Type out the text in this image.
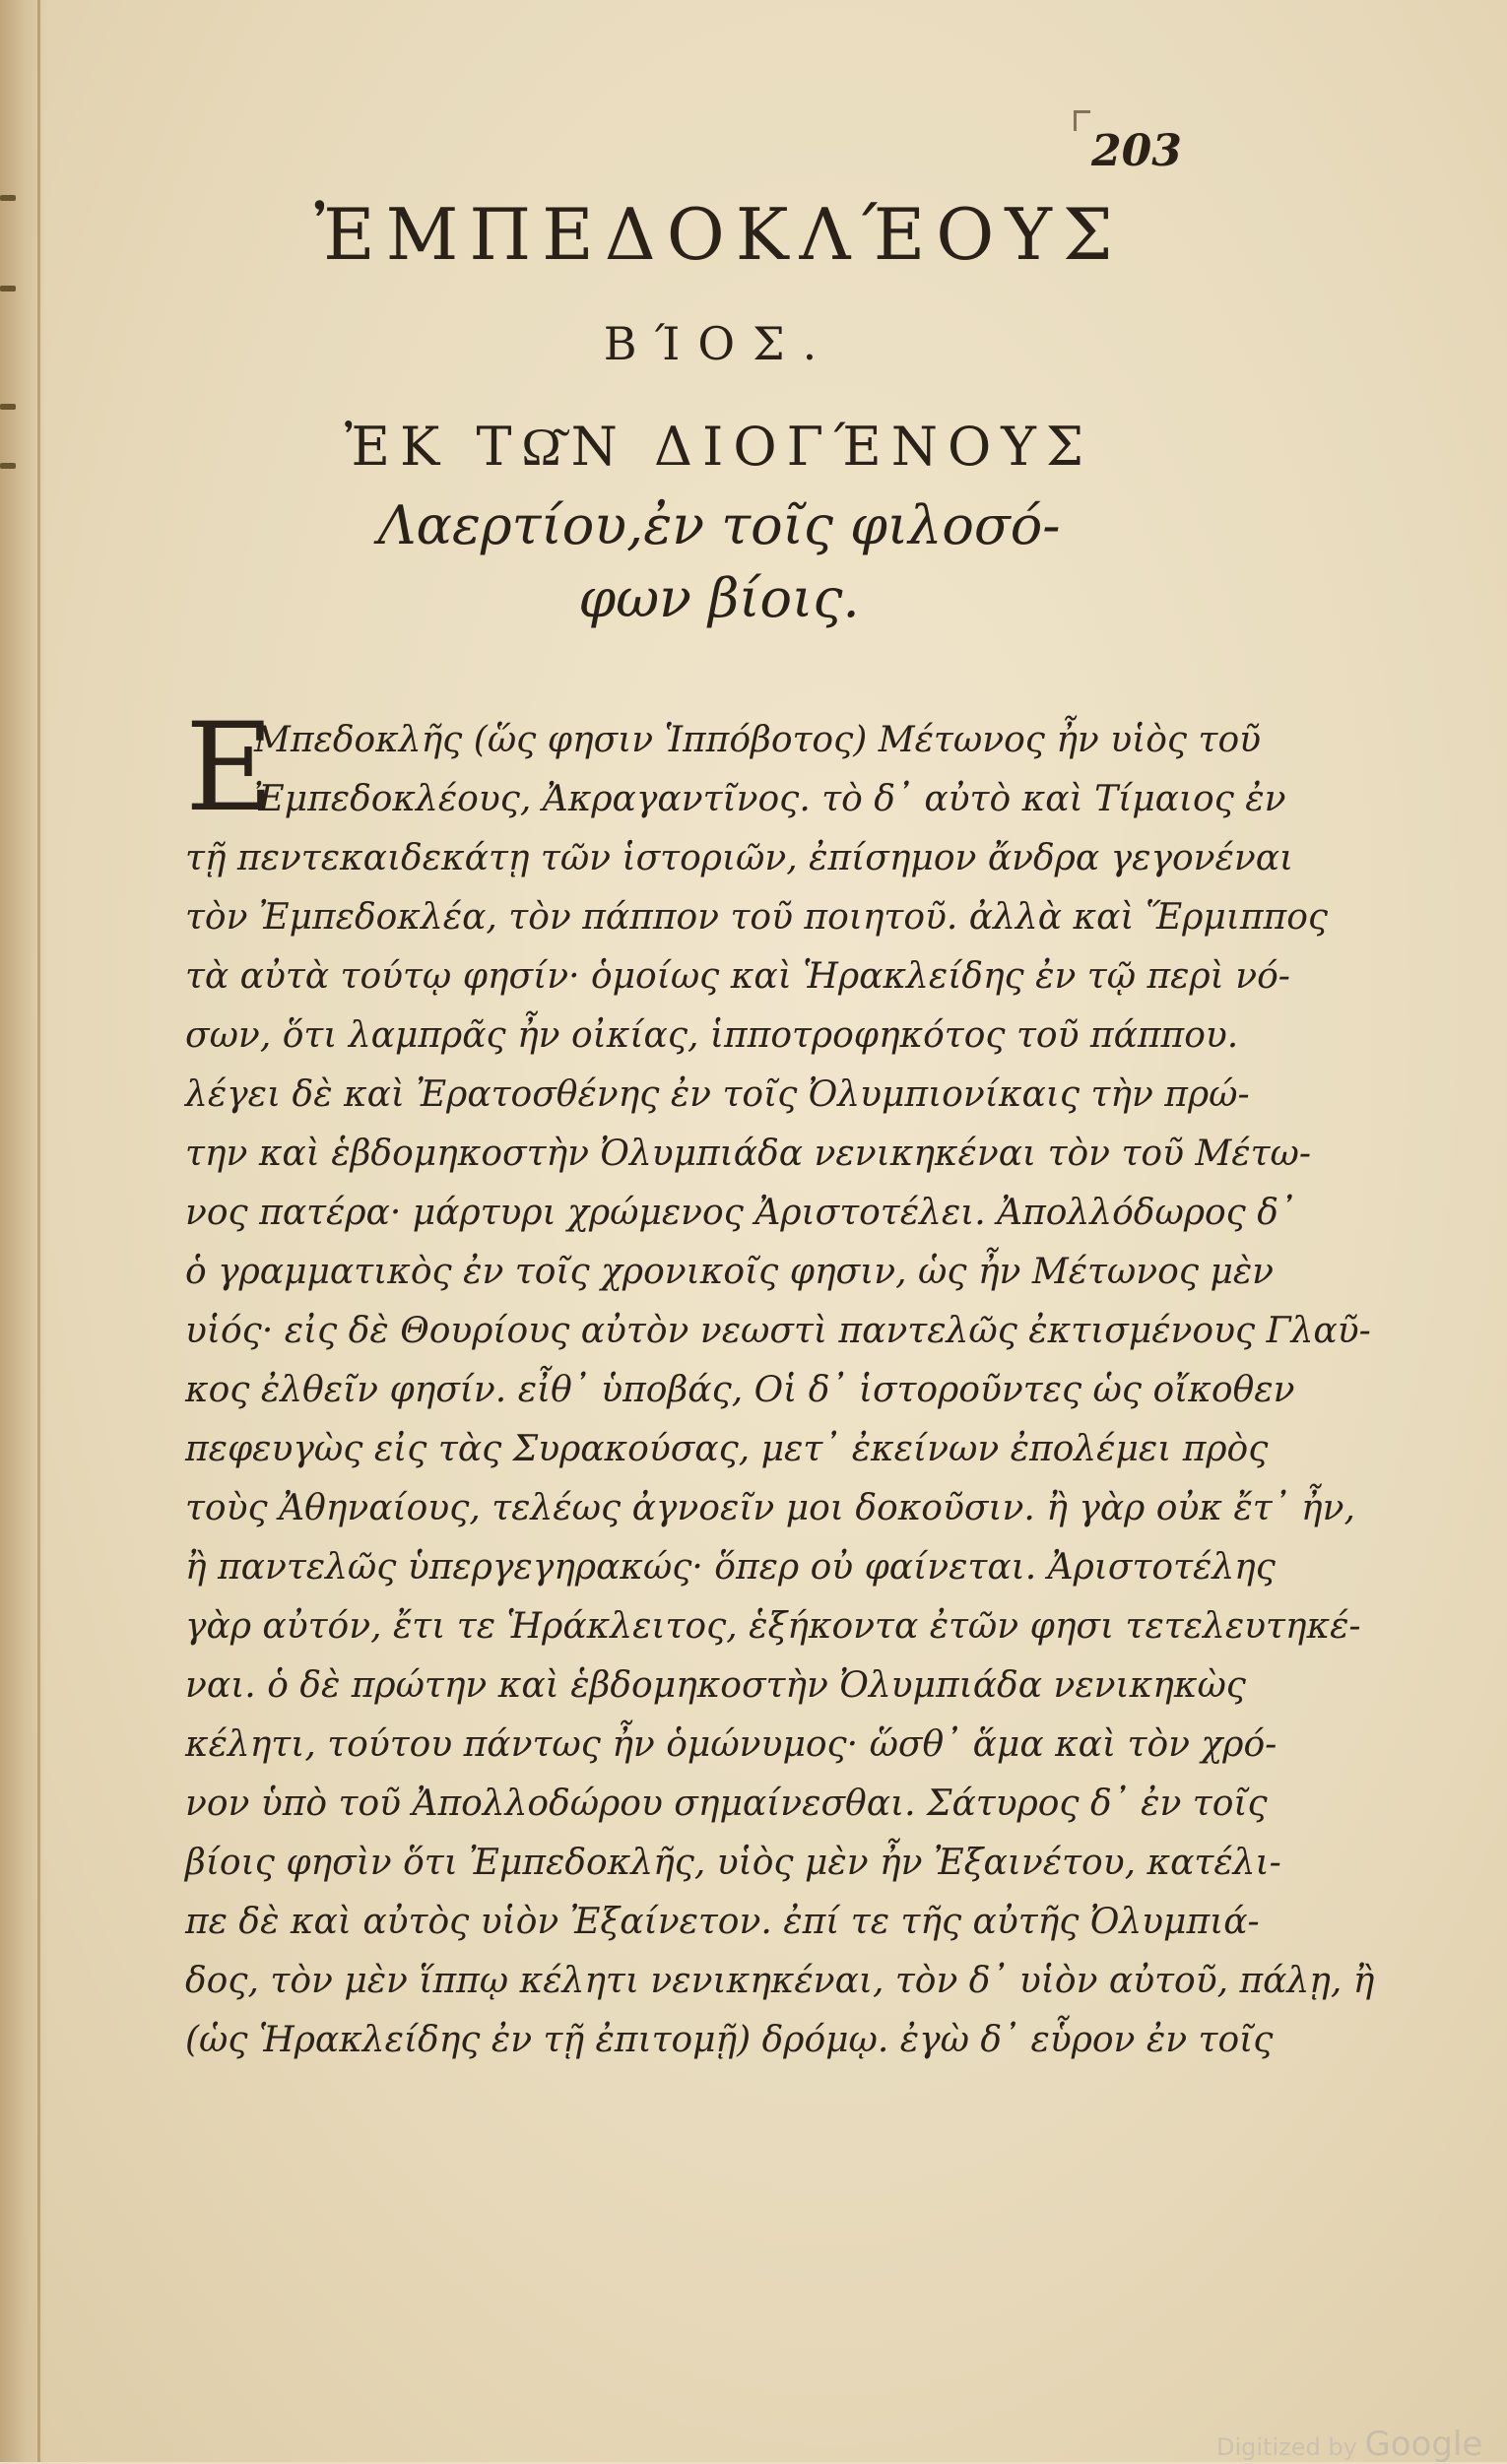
203
ἘΜΠΕΔΟΚΛΈΟΥΣ
ΒΊΟΣ.
ἘΚ ΤΩ͂Ν ΔΙΟΓΈΝΟΥΣ
Λαερτίου,ἐν τοῖς φιλοσό-
φων βίοις.
E
Μπεδοκλῆς (ὥς φησιν Ἱππόβοτος) Μέτωνος ἦν υἱὸς τοῦ
Ἐμπεδοκλέους, Ἀκραγαντῖνος. τὸ δ᾽ αὐτὸ καὶ Τίμαιος ἐν
τῇ πεντεκαιδεκάτῃ τῶν ἱστοριῶν, ἐπίσημον ἄνδρα γεγονέναι
τὸν Ἐμπεδοκλέα, τὸν πάππον τοῦ ποιητοῦ. ἀλλὰ καὶ Ἕρμιππος
τὰ αὐτὰ τούτῳ φησίν· ὁμοίως καὶ Ἡρακλείδης ἐν τῷ περὶ νό-
σων, ὅτι λαμπρᾶς ἦν οἰκίας, ἱπποτροφηκότος τοῦ πάππου.
λέγει δὲ καὶ Ἐρατοσθένης ἐν τοῖς Ὀλυμπιονίκαις τὴν πρώ-
την καὶ ἑβδομηκοστὴν Ὀλυμπιάδα νενικηκέναι τὸν τοῦ Μέτω-
νος πατέρα· μάρτυρι χρώμενος Ἀριστοτέλει. Ἀπολλόδωρος δ᾽
ὁ γραμματικὸς ἐν τοῖς χρονικοῖς φησιν, ὡς ἦν Μέτωνος μὲν
υἱός· εἰς δὲ Θουρίους αὐτὸν νεωστὶ παντελῶς ἐκτισμένους Γλαῦ-
κος ἐλθεῖν φησίν. εἶθ᾽ ὑποβάς, Οἱ δ᾽ ἱστοροῦντες ὡς οἴκοθεν
πεφευγὼς εἰς τὰς Συρακούσας, μετ᾽ ἐκείνων ἐπολέμει πρὸς
τοὺς Ἀθηναίους, τελέως ἀγνοεῖν μοι δοκοῦσιν. ἢ γὰρ οὐκ ἔτ᾽ ἦν,
ἢ παντελῶς ὑπεργεγηρακώς· ὅπερ οὐ φαίνεται. Ἀριστοτέλης
γὰρ αὐτόν, ἔτι τε Ἡράκλειτος, ἑξήκοντα ἐτῶν φησι τετελευτηκέ-
ναι. ὁ δὲ πρώτην καὶ ἑβδομηκοστὴν Ὀλυμπιάδα νενικηκὼς
κέλητι, τούτου πάντως ἦν ὁμώνυμος· ὥσθ᾽ ἅμα καὶ τὸν χρό-
νον ὑπὸ τοῦ Ἀπολλοδώρου σημαίνεσθαι. Σάτυρος δ᾽ ἐν τοῖς
βίοις φησὶν ὅτι Ἐμπεδοκλῆς, υἱὸς μὲν ἦν Ἐξαινέτου, κατέλι-
πε δὲ καὶ αὐτὸς υἱὸν Ἐξαίνετον. ἐπί τε τῆς αὐτῆς Ὀλυμπιά-
δος, τὸν μὲν ἵππῳ κέλητι νενικηκέναι, τὸν δ᾽ υἱὸν αὐτοῦ, πάλῃ, ἢ
(ὡς Ἡρακλείδης ἐν τῇ ἐπιτομῇ) δρόμῳ. ἐγὼ δ᾽ εὗρον ἐν τοῖς
Digitized by Google
